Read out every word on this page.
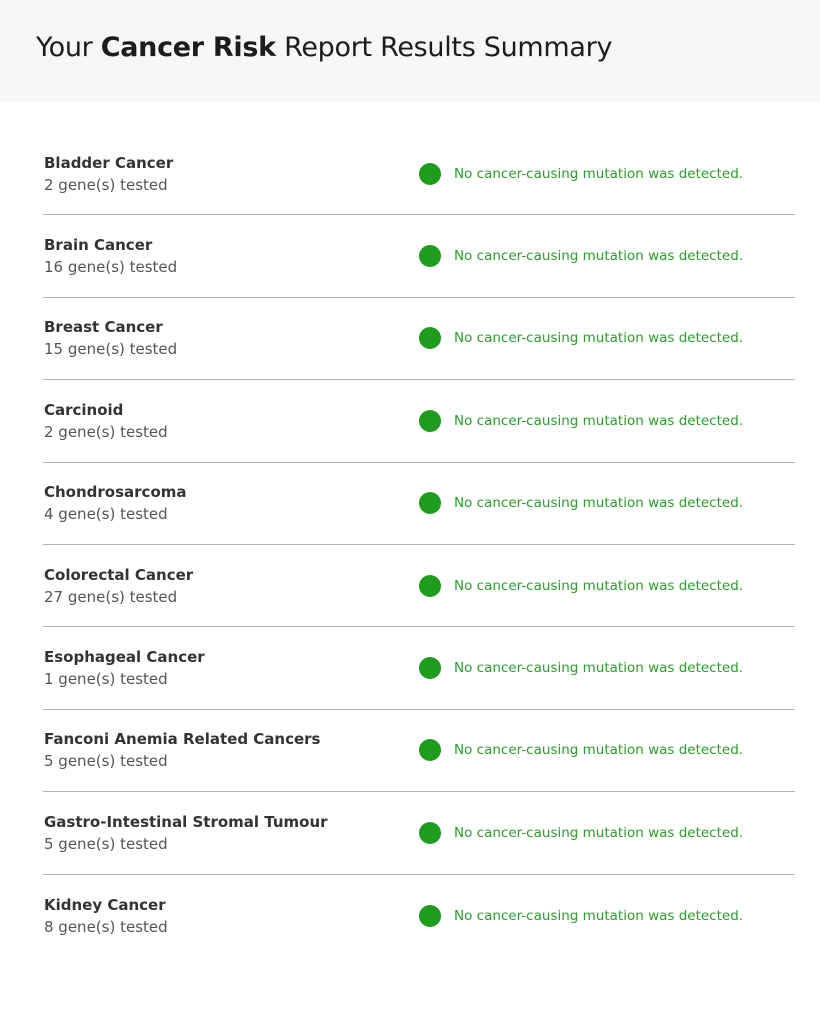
Your Cancer Risk Report Results Summary
Bladder Cancer
2 gene(s) tested
No cancer-causing mutation was detected.
Brain Cancer
16 gene(s) tested
No cancer-causing mutation was detected.
Breast Cancer
15 gene(s) tested
No cancer-causing mutation was detected.
Carcinoid
2 gene(s) tested
No cancer-causing mutation was detected.
Chondrosarcoma
4 gene(s) tested
No cancer-causing mutation was detected.
Colorectal Cancer
27 gene(s) tested
No cancer-causing mutation was detected.
Esophageal Cancer
1 gene(s) tested
No cancer-causing mutation was detected.
Fanconi Anemia Related Cancers
5 gene(s) tested
No cancer-causing mutation was detected.
Gastro-Intestinal Stromal Tumour
5 gene(s) tested
No cancer-causing mutation was detected.
Kidney Cancer
8 gene(s) tested
No cancer-causing mutation was detected.
